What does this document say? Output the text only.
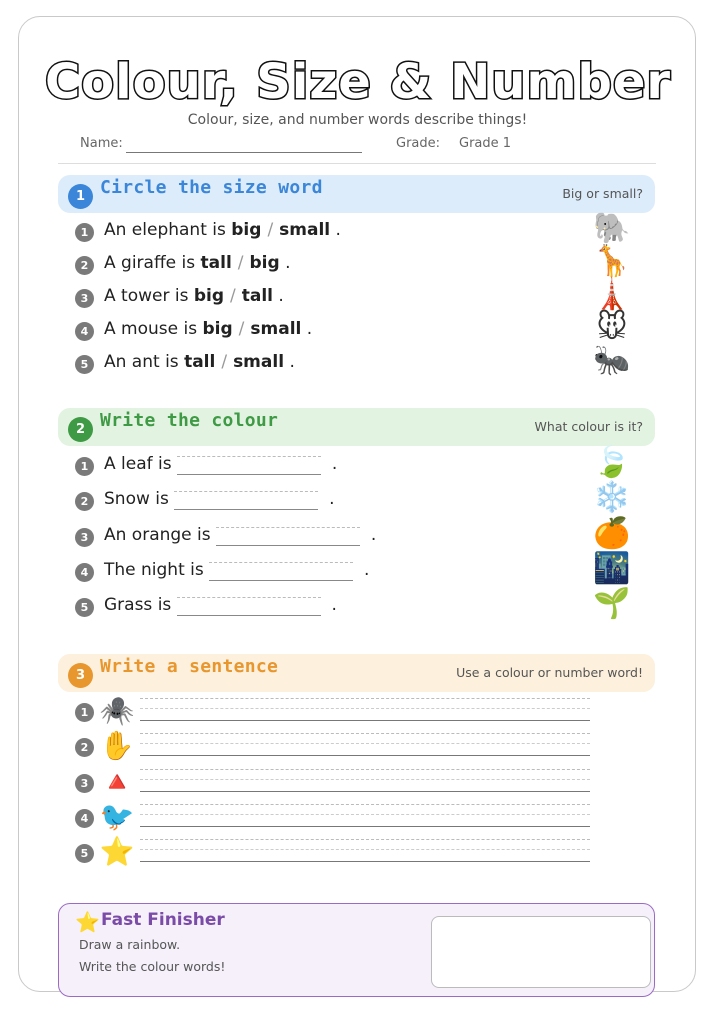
Colour, Size & Number
Colour, size, and number words describe things!
Name:	Grade: Grade 1
1 Circle the size word	Big or small?
1 An elephant is big / small .	🐘
2 A giraffe is tall / big .	🦒
3 A tower is big / tall .	🗼
4 A mouse is big / small .	🐭
5 An ant is tall / small .	🐜
2 Write the colour	What colour is it?
1 A leaf is	.	🍃
2 Snow is	.	❄️
3 An orange is	.	🍊
4 The night is	.	🌃
5 Grass is	.	🌱
3 Write a sentence	Use a colour or number word!
1 🕷️
2 ✋
3 🔺
4 🐦
5 ⭐
⭐ Fast Finisher
Draw a rainbow.
Write the colour words!
